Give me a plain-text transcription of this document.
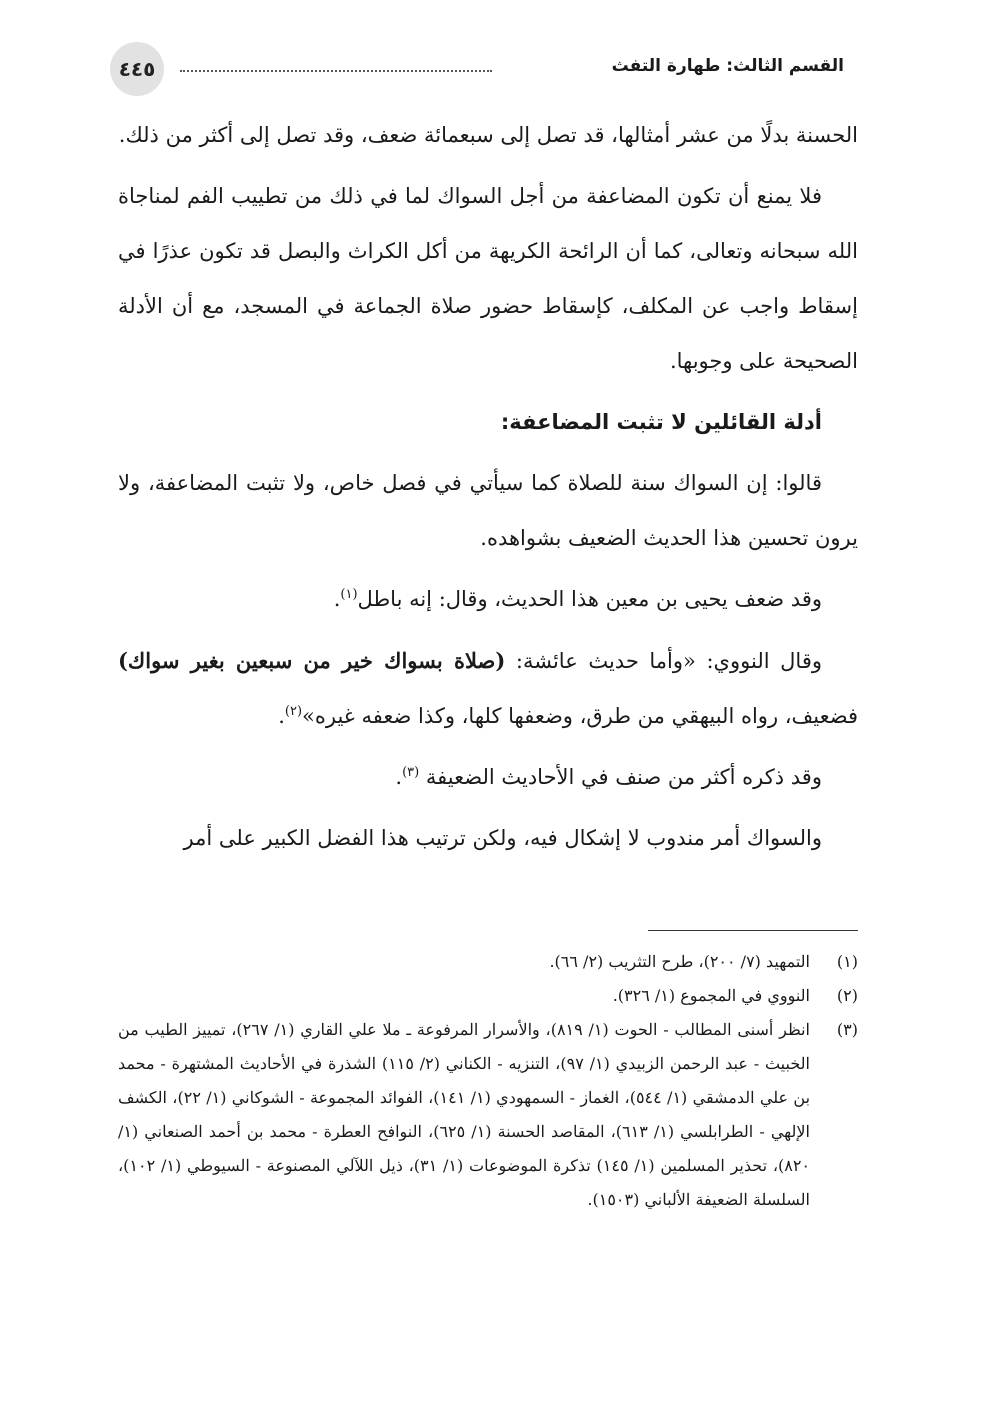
٤٤٥	القسم الثالث: طهارة التفث

الحسنة بدلًا من عشر أمثالها، قد تصل إلى سبعمائة ضعف، وقد تصل إلى أكثر من ذلك.

فلا يمنع أن تكون المضاعفة من أجل السواك لما في ذلك من تطييب الفم لمناجاة الله سبحانه وتعالى، كما أن الرائحة الكريهة من أكل الكراث والبصل قد تكون عذرًا في إسقاط واجب عن المكلف، كإسقاط حضور صلاة الجماعة في المسجد، مع أن الأدلة الصحيحة على وجوبها.

أدلة القائلين لا تثبت المضاعفة:

قالوا: إن السواك سنة للصلاة كما سيأتي في فصل خاص، ولا تثبت المضاعفة، ولا يرون تحسين هذا الحديث الضعيف بشواهده.

وقد ضعف يحيى بن معين هذا الحديث، وقال: إنه باطل$^{(١)}$.

وقال النووي: «وأما حديث عائشة: (صلاة بسواك خير من سبعين بغير سواك) فضعيف، رواه البيهقي من طرق، وضعفها كلها، وكذا ضعفه غيره»$^{(٢)}$.

وقد ذكره أكثر من صنف في الأحاديث الضعيفة $^{(٣)}$.

والسواك أمر مندوب لا إشكال فيه، ولكن ترتيب هذا الفضل الكبير على أمر

(١)
التمهيد (٧/ ٢٠٠)، طرح التثريب (٢/ ٦٦).
(٢)
النووي في المجموع (١/ ٣٢٦).
(٣)
انظر أسنى المطالب - الحوت (١/ ٨١٩)، والأسرار المرفوعة ـ ملا علي القاري (١/ ٢٦٧)، تمييز الطيب من الخبيث - عبد الرحمن الزبيدي (١/ ٩٧)، التنزيه - الكناني (٢/ ١١٥) الشذرة في الأحاديث المشتهرة - محمد بن علي الدمشقي (١/ ٥٤٤)، الغماز - السمهودي (١/ ١٤١)، الفوائد المجموعة - الشوكاني (١/ ٢٢)، الكشف الإلهي - الطرابلسي (١/ ٦١٣)، المقاصد الحسنة (١/ ٦٢٥)، النوافح العطرة - محمد بن أحمد الصنعاني (١/ ٨٢٠)، تحذير المسلمين (١/ ١٤٥) تذكرة الموضوعات (١/ ٣١)، ذيل اللآلي المصنوعة - السيوطي (١/ ١٠٢)، السلسلة الضعيفة الألباني (١٥٠٣).
